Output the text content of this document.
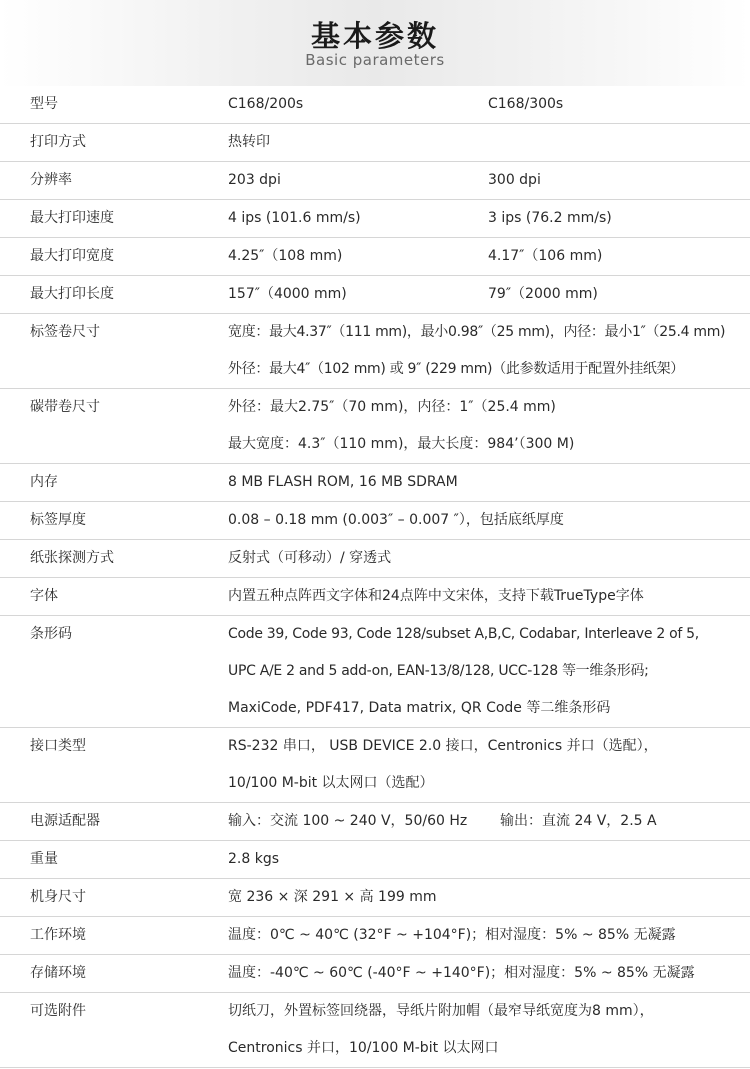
基本参数
Basic parameters
型号	C168/200s	C168/300s
打印方式	热转印
分辨率	203 dpi	300 dpi
最大打印速度	4 ips (101.6 mm/s)	3 ips (76.2 mm/s)
最大打印宽度	4.25″（108 mm)	4.17″（106 mm)
最大打印长度	157″（4000 mm)	79″（2000 mm)
标签卷尺寸	宽度：最大4.37″（111 mm)，最小0.98″（25 mm)，内径：最小1″（25.4 mm)
外径：最大4″（102 mm) 或 9″ (229 mm)（此参数适用于配置外挂纸架）
碳带卷尺寸	外径：最大2.75″（70 mm)，内径：1″（25.4 mm)
最大宽度：4.3″（110 mm)，最大长度：984’（300 M)
内存	8 MB FLASH ROM, 16 MB SDRAM
标签厚度	0.08 – 0.18 mm (0.003″ – 0.007 ″），包括底纸厚度
纸张探测方式	反射式（可移动）/ 穿透式
字体	内置五种点阵西文字体和24点阵中文宋体，支持下载TrueType字体
条形码	Code 39, Code 93, Code 128/subset A,B,C, Codabar, Interleave 2 of 5,
UPC A/E 2 and 5 add-on, EAN-13/8/128, UCC-128 等一维条形码;
MaxiCode, PDF417, Data matrix, QR Code 等二维条形码
接口类型	RS-232 串口， USB DEVICE 2.0 接口，Centronics 并口（选配），
10/100 M-bit 以太网口（选配）
电源适配器	输入：交流 100 ~ 240 V，50/60 Hz 输出：直流 24 V，2.5 A
重量	2.8 kgs
机身尺寸	宽 236 × 深 291 × 高 199 mm
工作环境	温度：0℃ ~ 40℃ (32°F ~ +104°F)；相对湿度：5% ~ 85% 无凝露
存储环境	温度：-40℃ ~ 60℃ (-40°F ~ +140°F)；相对湿度：5% ~ 85% 无凝露
可选附件	切纸刀，外置标签回绕器，导纸片附加帽（最窄导纸宽度为8 mm），
Centronics 并口，10/100 M-bit 以太网口
